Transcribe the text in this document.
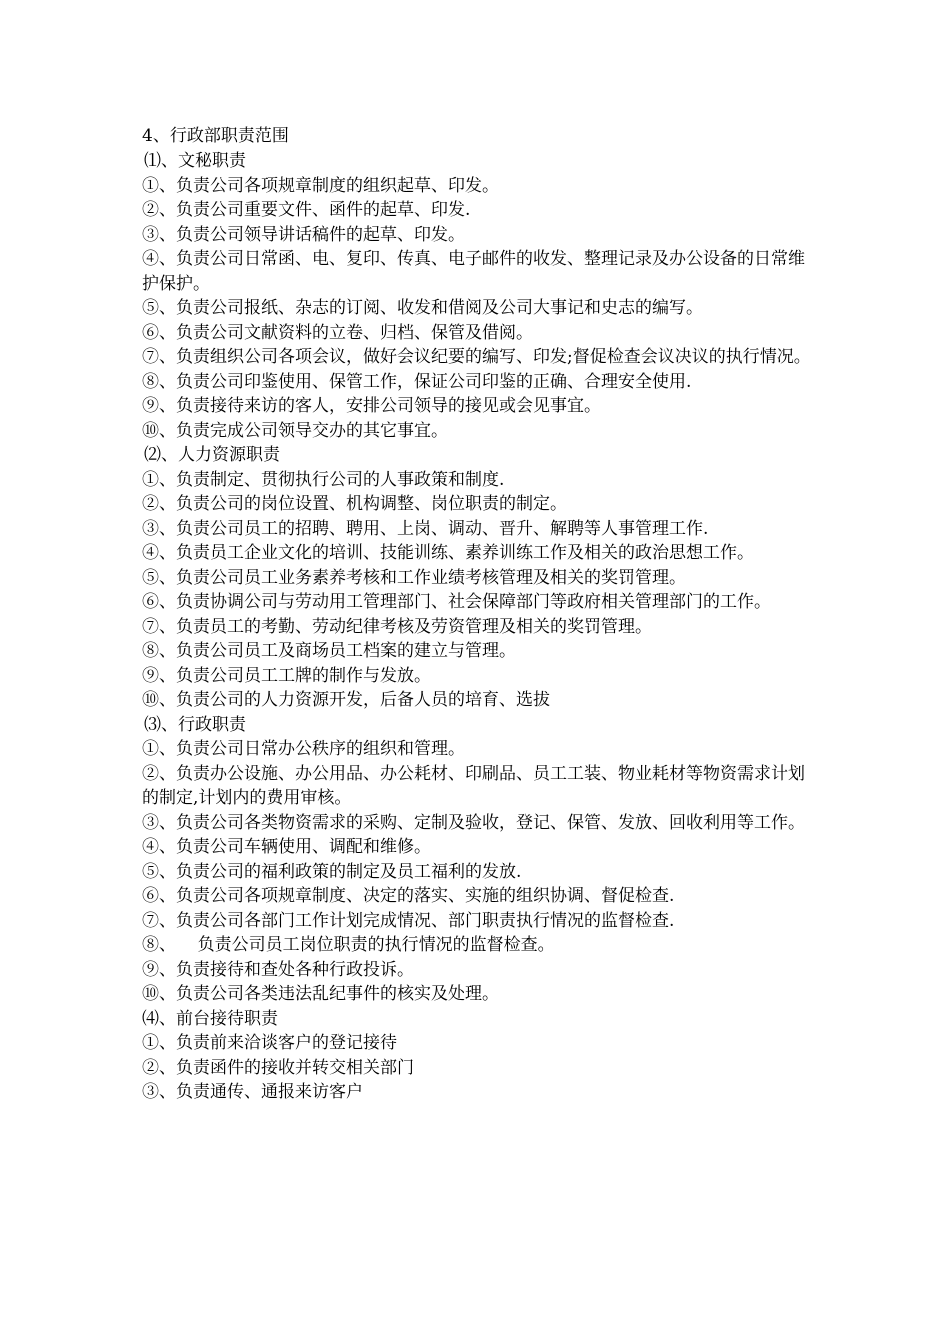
4、行政部职责范围

⑴、文秘职责

①、负责公司各项规章制度的组织起草、印发。

②、负责公司重要文件、函件的起草、印发.

③、负责公司领导讲话稿件的起草、印发。

④、负责公司日常函、电、复印、传真、电子邮件的收发、整理记录及办公设备的日常维护保护。

⑤、负责公司报纸、杂志的订阅、收发和借阅及公司大事记和史志的编写。

⑥、负责公司文献资料的立卷、归档、保管及借阅。

⑦、负责组织公司各项会议，做好会议纪要的编写、印发;督促检查会议决议的执行情况。

⑧、负责公司印鉴使用、保管工作，保证公司印鉴的正确、合理安全使用.

⑨、负责接待来访的客人，安排公司领导的接见或会见事宜。

⑩、负责完成公司领导交办的其它事宜。

⑵、人力资源职责

①、负责制定、贯彻执行公司的人事政策和制度.

②、负责公司的岗位设置、机构调整、岗位职责的制定。

③、负责公司员工的招聘、聘用、上岗、调动、晋升、解聘等人事管理工作.

④、负责员工企业文化的培训、技能训练、素养训练工作及相关的政治思想工作。

⑤、负责公司员工业务素养考核和工作业绩考核管理及相关的奖罚管理。

⑥、负责协调公司与劳动用工管理部门、社会保障部门等政府相关管理部门的工作。

⑦、负责员工的考勤、劳动纪律考核及劳资管理及相关的奖罚管理。

⑧、负责公司员工及商场员工档案的建立与管理。

⑨、负责公司员工工牌的制作与发放。

⑩、负责公司的人力资源开发，后备人员的培育、选拔

⑶、行政职责

①、负责公司日常办公秩序的组织和管理。

②、负责办公设施、办公用品、办公耗材、印刷品、员工工装、物业耗材等物资需求计划的制定,计划内的费用审核。

③、负责公司各类物资需求的采购、定制及验收，登记、保管、发放、回收利用等工作。

④、负责公司车辆使用、调配和维修。

⑤、负责公司的福利政策的制定及员工福利的发放.

⑥、负责公司各项规章制度、决定的落实、实施的组织协调、督促检查.

⑦、负责公司各部门工作计划完成情况、部门职责执行情况的监督检查.

⑧、    负责公司员工岗位职责的执行情况的监督检查。

⑨、负责接待和查处各种行政投诉。

⑩、负责公司各类违法乱纪事件的核实及处理。

⑷、前台接待职责

①、负责前来洽谈客户的登记接待

②、负责函件的接收并转交相关部门

③、负责通传、通报来访客户
